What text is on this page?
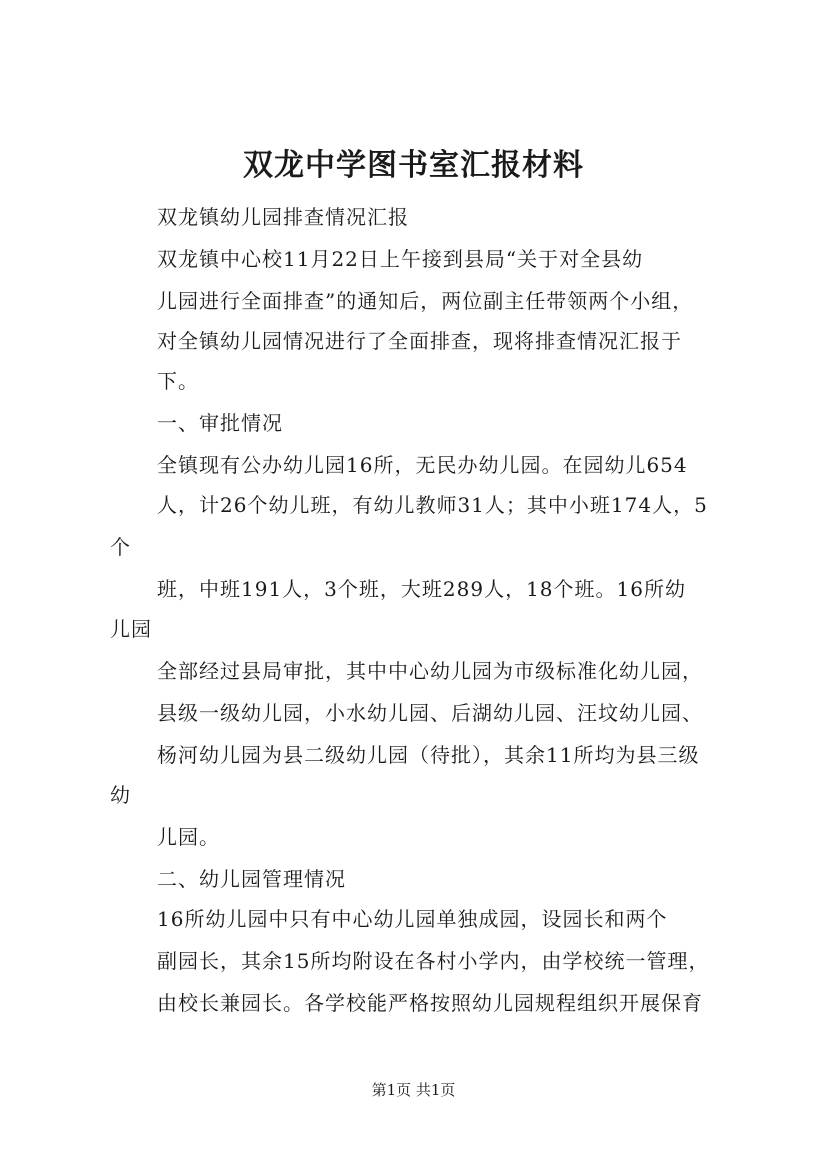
双龙中学图书室汇报材料
双龙镇幼儿园排查情况汇报
双龙镇中心校11月22日上午接到县局“关于对全县幼
儿园进行全面排查”的通知后，两位副主任带领两个小组，
对全镇幼儿园情况进行了全面排查，现将排查情况汇报于
下。
一、审批情况
全镇现有公办幼儿园16所，无民办幼儿园。在园幼儿654
人，计26个幼儿班，有幼儿教师31人；其中小班174人，5
个
班，中班191人，3个班，大班289人，18个班。16所幼
儿园
全部经过县局审批，其中中心幼儿园为市级标准化幼儿园，
县级一级幼儿园，小水幼儿园、后湖幼儿园、汪坟幼儿园、
杨河幼儿园为县二级幼儿园（待批），其余11所均为县三级
幼
儿园。
二、幼儿园管理情况
16所幼儿园中只有中心幼儿园单独成园，设园长和两个
副园长，其余15所均附设在各村小学内，由学校统一管理，
由校长兼园长。各学校能严格按照幼儿园规程组织开展保育
第1页 共1页
